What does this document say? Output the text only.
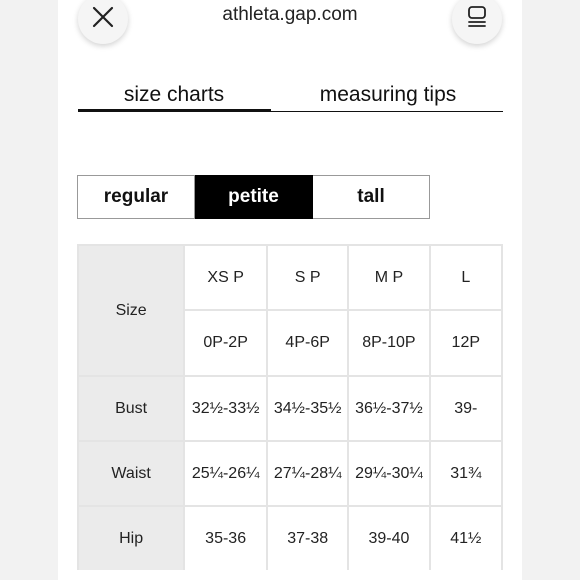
athleta.gap.com
size charts	measuring tips
regular	petite	tall
Size	XS P	S P	M P	L
	0P-2P	4P-6P	8P-10P	12P
Bust	32½-33½	34½-35½	36½-37½	39-
Waist	25¼-26¼	27¼-28¼	29¼-30¼	31¾
Hip	35-36	37-38	39-40	41½
